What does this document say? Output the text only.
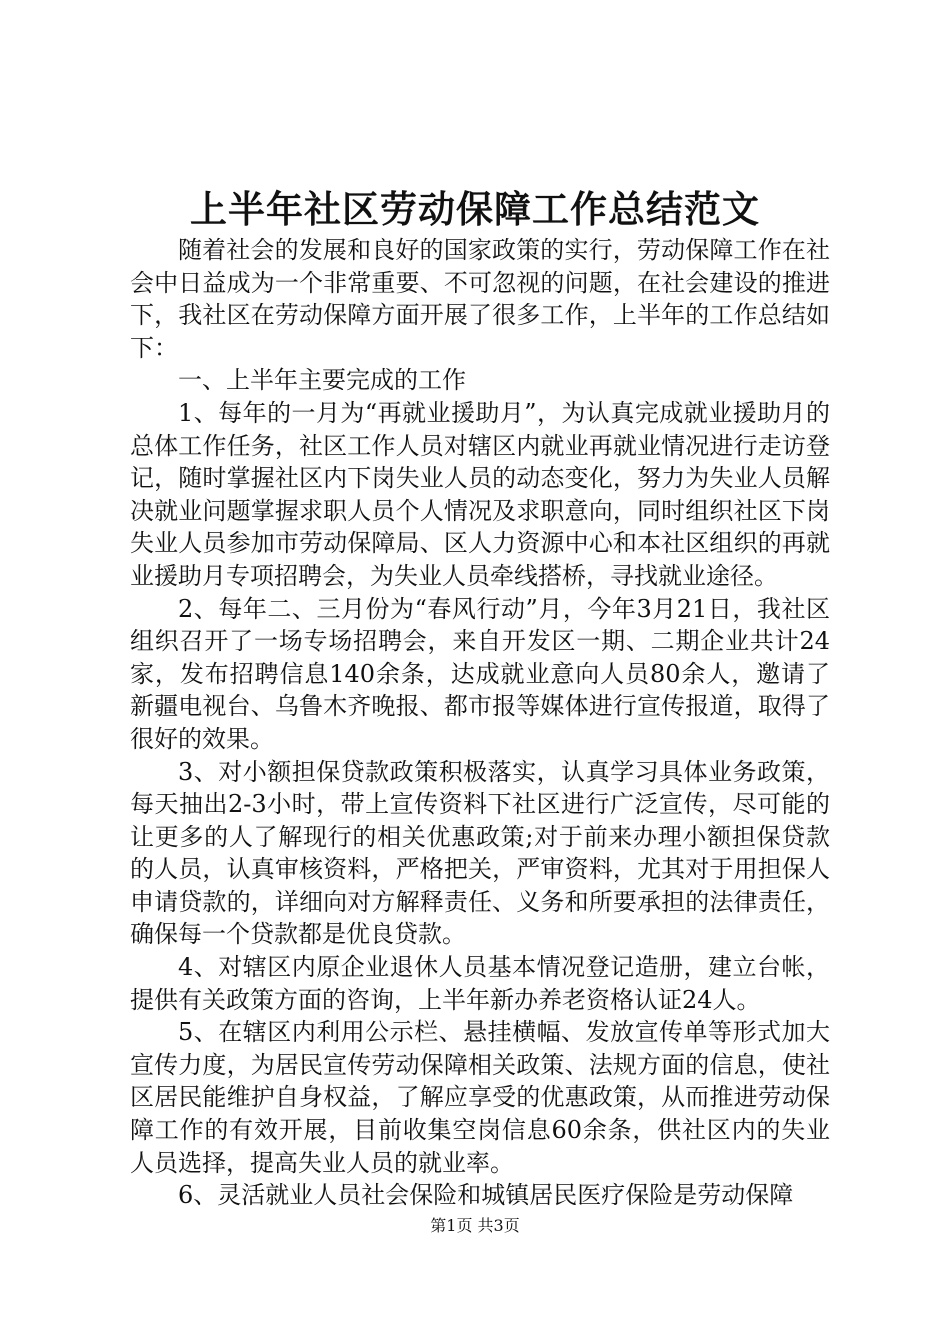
上半年社区劳动保障工作总结范文

随着社会的发展和良好的国家政策的实行，劳动保障工作在社会中日益成为一个非常重要、不可忽视的问题，在社会建设的推进下，我社区在劳动保障方面开展了很多工作，上半年的工作总结如下：

一、上半年主要完成的工作

1、每年的一月为“再就业援助月”，为认真完成就业援助月的总体工作任务，社区工作人员对辖区内就业再就业情况进行走访登记，随时掌握社区内下岗失业人员的动态变化，努力为失业人员解决就业问题掌握求职人员个人情况及求职意向，同时组织社区下岗失业人员参加市劳动保障局、区人力资源中心和本社区组织的再就业援助月专项招聘会，为失业人员牵线搭桥，寻找就业途径。

2、每年二、三月份为“春风行动”月，今年3月21日，我社区组织召开了一场专场招聘会，来自开发区一期、二期企业共计24家，发布招聘信息140余条，达成就业意向人员80余人，邀请了新疆电视台、乌鲁木齐晚报、都市报等媒体进行宣传报道，取得了很好的效果。

3、对小额担保贷款政策积极落实，认真学习具体业务政策，每天抽出2-3小时，带上宣传资料下社区进行广泛宣传，尽可能的让更多的人了解现行的相关优惠政策;对于前来办理小额担保贷款的人员，认真审核资料，严格把关，严审资料，尤其对于用担保人申请贷款的，详细向对方解释责任、义务和所要承担的法律责任，确保每一个贷款都是优良贷款。

4、对辖区内原企业退休人员基本情况登记造册，建立台帐，提供有关政策方面的咨询，上半年新办养老资格认证24人。

5、在辖区内利用公示栏、悬挂横幅、发放宣传单等形式加大宣传力度，为居民宣传劳动保障相关政策、法规方面的信息，使社区居民能维护自身权益，了解应享受的优惠政策，从而推进劳动保障工作的有效开展，目前收集空岗信息60余条，供社区内的失业人员选择，提高失业人员的就业率。

6、灵活就业人员社会保险和城镇居民医疗保险是劳动保障

第1页 共3页
